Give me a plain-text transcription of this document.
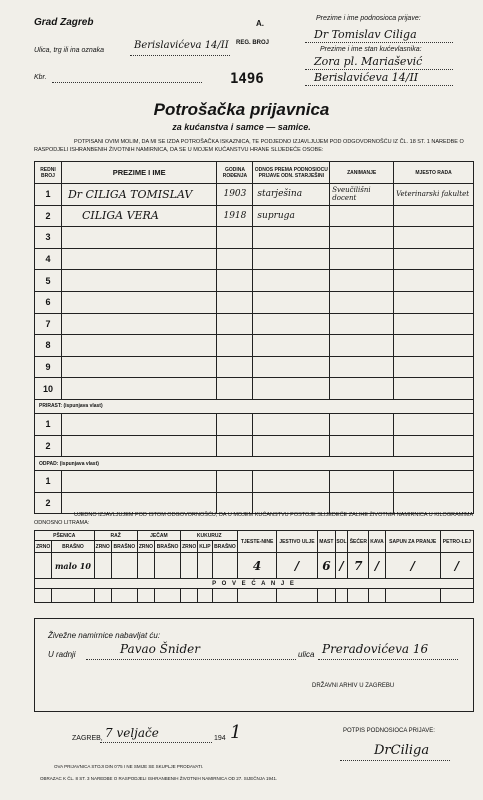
Grad Zagreb	A.
Ulica, trg ili ina oznaka	Berislavićeva 14/II REG. BROJ
Kbr.	1496
Prezime i ime podnosioca prijave:
Dr Tomislav Ciliga
Prezime i ime stan kućevlasnika:
Zora pl. Mariašević
Berislavićeva 14/II
Potrošačka prijavnica
za kućanstva i samce — samice.
POTPISANI OVIM MOLIM, DA MI SE IZDA POTROŠAČKA ISKAZNICA, TE PODJEDNO IZJAVLJUJEM POD ODGOVORNOŠĆU IZ ČL. 18 ST. 1 NAREDBE O RASPODJELI ISHRANBENIH ŽIVOTNIH NAMIRNICA, DA SE U MOJEM KUĆANSTVU HRANE SLIJEDEĆE OSOBE:
REDNI BROJ	PREZIME I IME	GODINA ROĐENJA	ODNOS PREMA PODNOSIOCU PRIJAVE ODN. STARJEŠINI	ZANIMANJE	MJESTO RADA
1	Dr CILIGA TOMISLAV	1903	starješina	Sveučilišni docent	Veterinarski fakultet
2	CILIGA VERA	1918	supruga		
3					
4					
5					
6					
7					
8					
9					
10					
PRIRAST: (ispunjava vlast)					
1					
2					
ODPAD: (ispunjava vlast)					
1					
2					
UJEDNO IZJAVLJUJEM POD ISTOM ODGOVORNOŠĆU, DA U MOJEM KUĆANSTVU POSTOJE SLIJEDEĆE ZALIHE ŽIVOTNIH NAMIRNICA U KILOGRAMIMA ODNOSNO LITRAMA:
PŠENICA		RAŽ		JEČAM		KUKURUZ			TJESTE-NINE	JESTIVO ULJE	MAST	SOL	ŠEĆER	KAVA	SAPUN ZA PRANJE	PETRO-LEJ
ZRNO	BRAŠNO	ZRNO	BRAŠNO	ZRNO	BRAŠNO	ZRNO	KLIP	BRAŠNO								
	malo 10								4	/	6	/	7	/	/	/
P O V E Ć A N J E																

Živežne namirnice nabavljat ću:
U radnji	Pavao Šnider	ulica Preradovićeva 16
DRŽAVNI ARHIV U ZAGREBU
ZAGREB, 7 veljače	194 1	POTPIS PODNOSIOCA PRIJAVE:
DrCiliga
OVA PRIJAVNICA STOJI DIN 0'75 I NE SMIJE SE SKUPLJE PRODAVATI.
OBRAZAC K ČL. 8 ST. 3 NAREDBE O RASPODJELI ISHRANBENIH ŽIVOTNIH NAMIRNICA OD 27. SIJEČNJA 1941.
